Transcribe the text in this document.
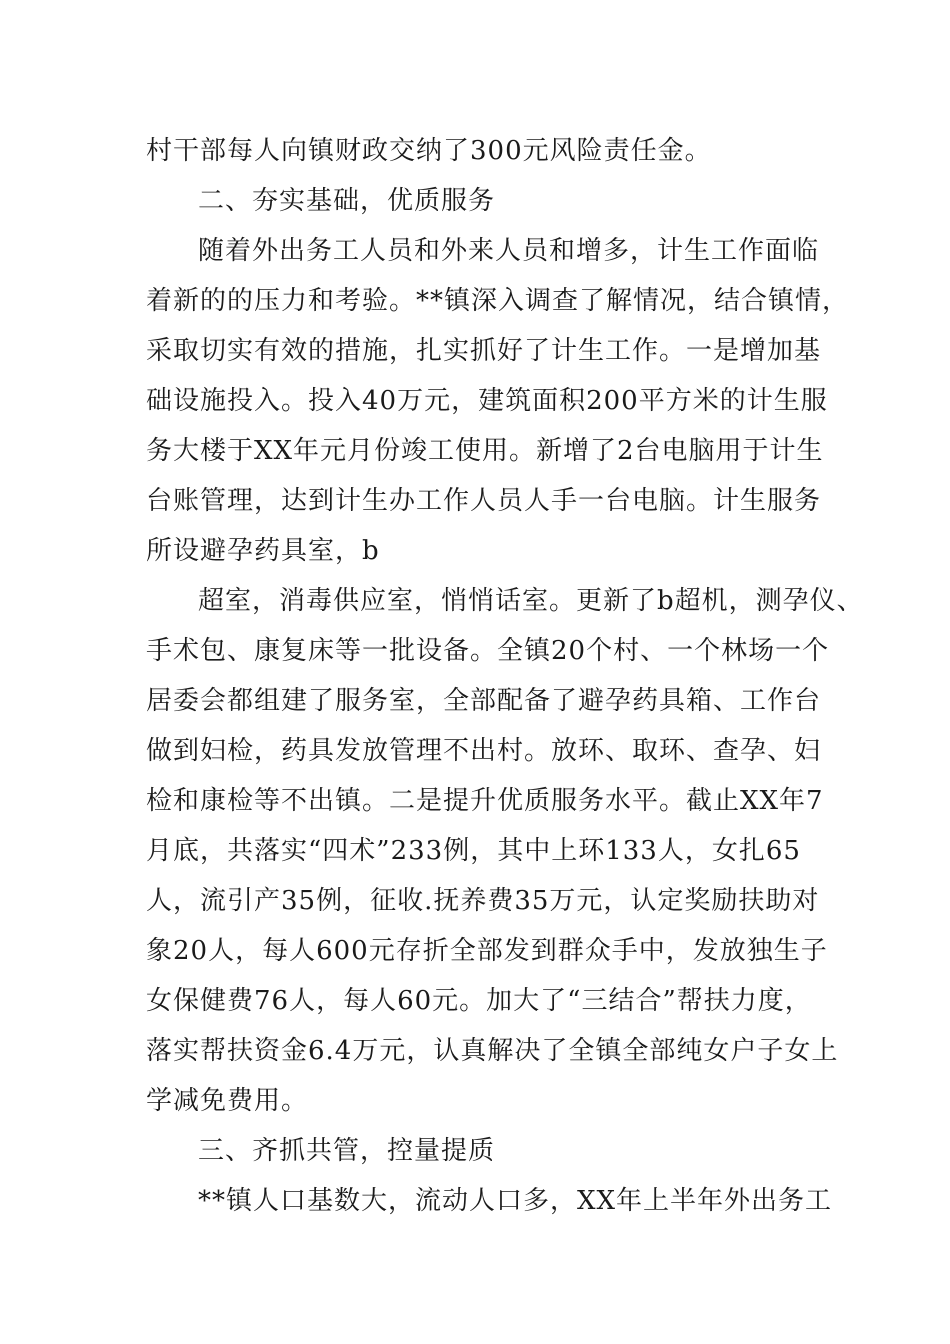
村干部每人向镇财政交纳了300元风险责任金。
二、夯实基础，优质服务
随着外出务工人员和外来人员和增多，计生工作面临
着新的的压力和考验。**镇深入调查了解情况，结合镇情，
采取切实有效的措施，扎实抓好了计生工作。一是增加基
础设施投入。投入40万元，建筑面积200平方米的计生服
务大楼于XX年元月份竣工使用。新增了2台电脑用于计生
台账管理，达到计生办工作人员人手一台电脑。计生服务
所设避孕药具室，b
超室，消毒供应室，悄悄话室。更新了b超机，测孕仪、
手术包、康复床等一批设备。全镇20个村、一个林场一个
居委会都组建了服务室，全部配备了避孕药具箱、工作台
做到妇检，药具发放管理不出村。放环、取环、查孕、妇
检和康检等不出镇。二是提升优质服务水平。截止XX年7
月底，共落实“四术”233例，其中上环133人，女扎65
人，流引产35例，征收.抚养费35万元，认定奖励扶助对
象20人，每人600元存折全部发到群众手中，发放独生子
女保健费76人，每人60元。加大了“三结合”帮扶力度，
落实帮扶资金6.4万元，认真解决了全镇全部纯女户子女上
学减免费用。
三、齐抓共管，控量提质
**镇人口基数大，流动人口多，XX年上半年外出务工
